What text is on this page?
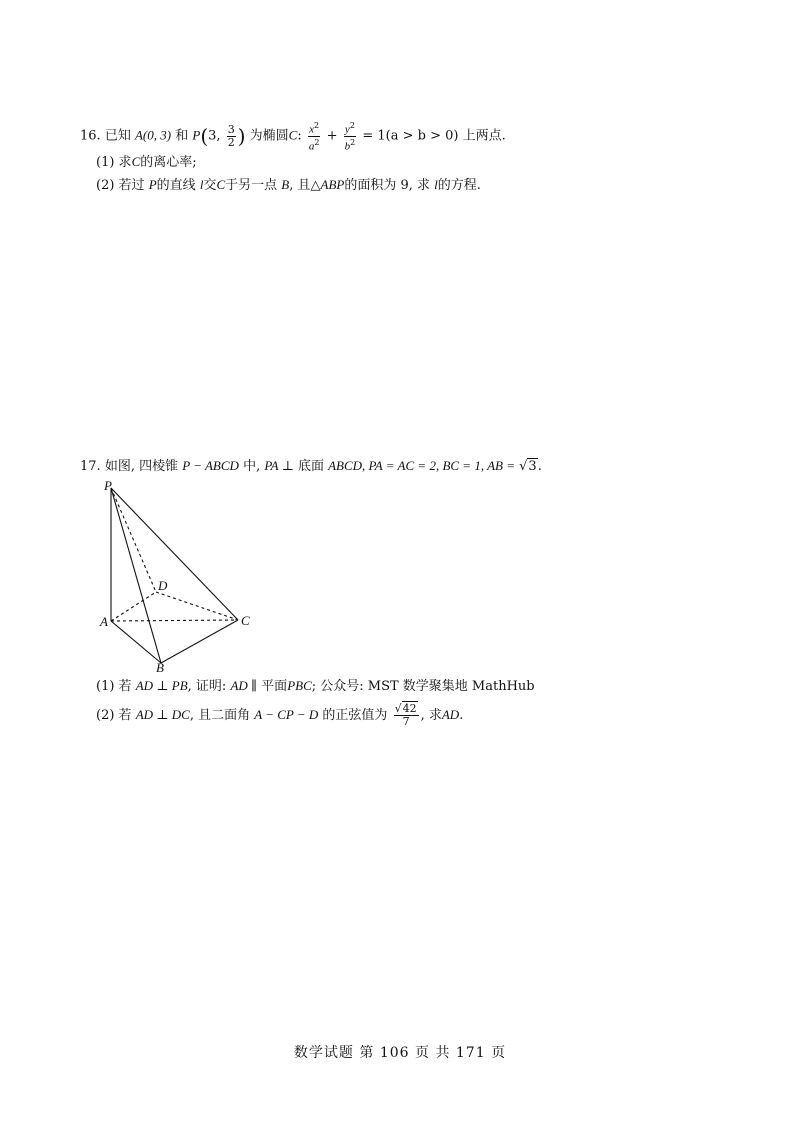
16. 已知 A(0, 3) 和 P(3, $\frac{3}{2}$ ) 为椭圆C: $\frac{x^2}{a^2} + \frac{y^2}{b^2} = 1(a > b > 0)$ 上两点.
(1) 求C的离心率;
(2) 若过 P的直线 l交C于另一点 B, 且△ABP的面积为 9, 求 l的方程.
17. 如图, 四棱锥 P − ABCD 中, PA ⊥ 底面 ABCD, PA = AC = 2, BC = 1, AB = √3.
P
D
A	C
B
(1) 若 AD ⊥ PB, 证明: AD ∥ 平面PBC; 公众号: MST 数学聚集地 MathHub
(2) 若 AD ⊥ DC, 且二面角 A − CP − D 的正弦值为 $\frac{√42}{7}$ , 求AD.
数学试题 第 106 页 共 171 页
